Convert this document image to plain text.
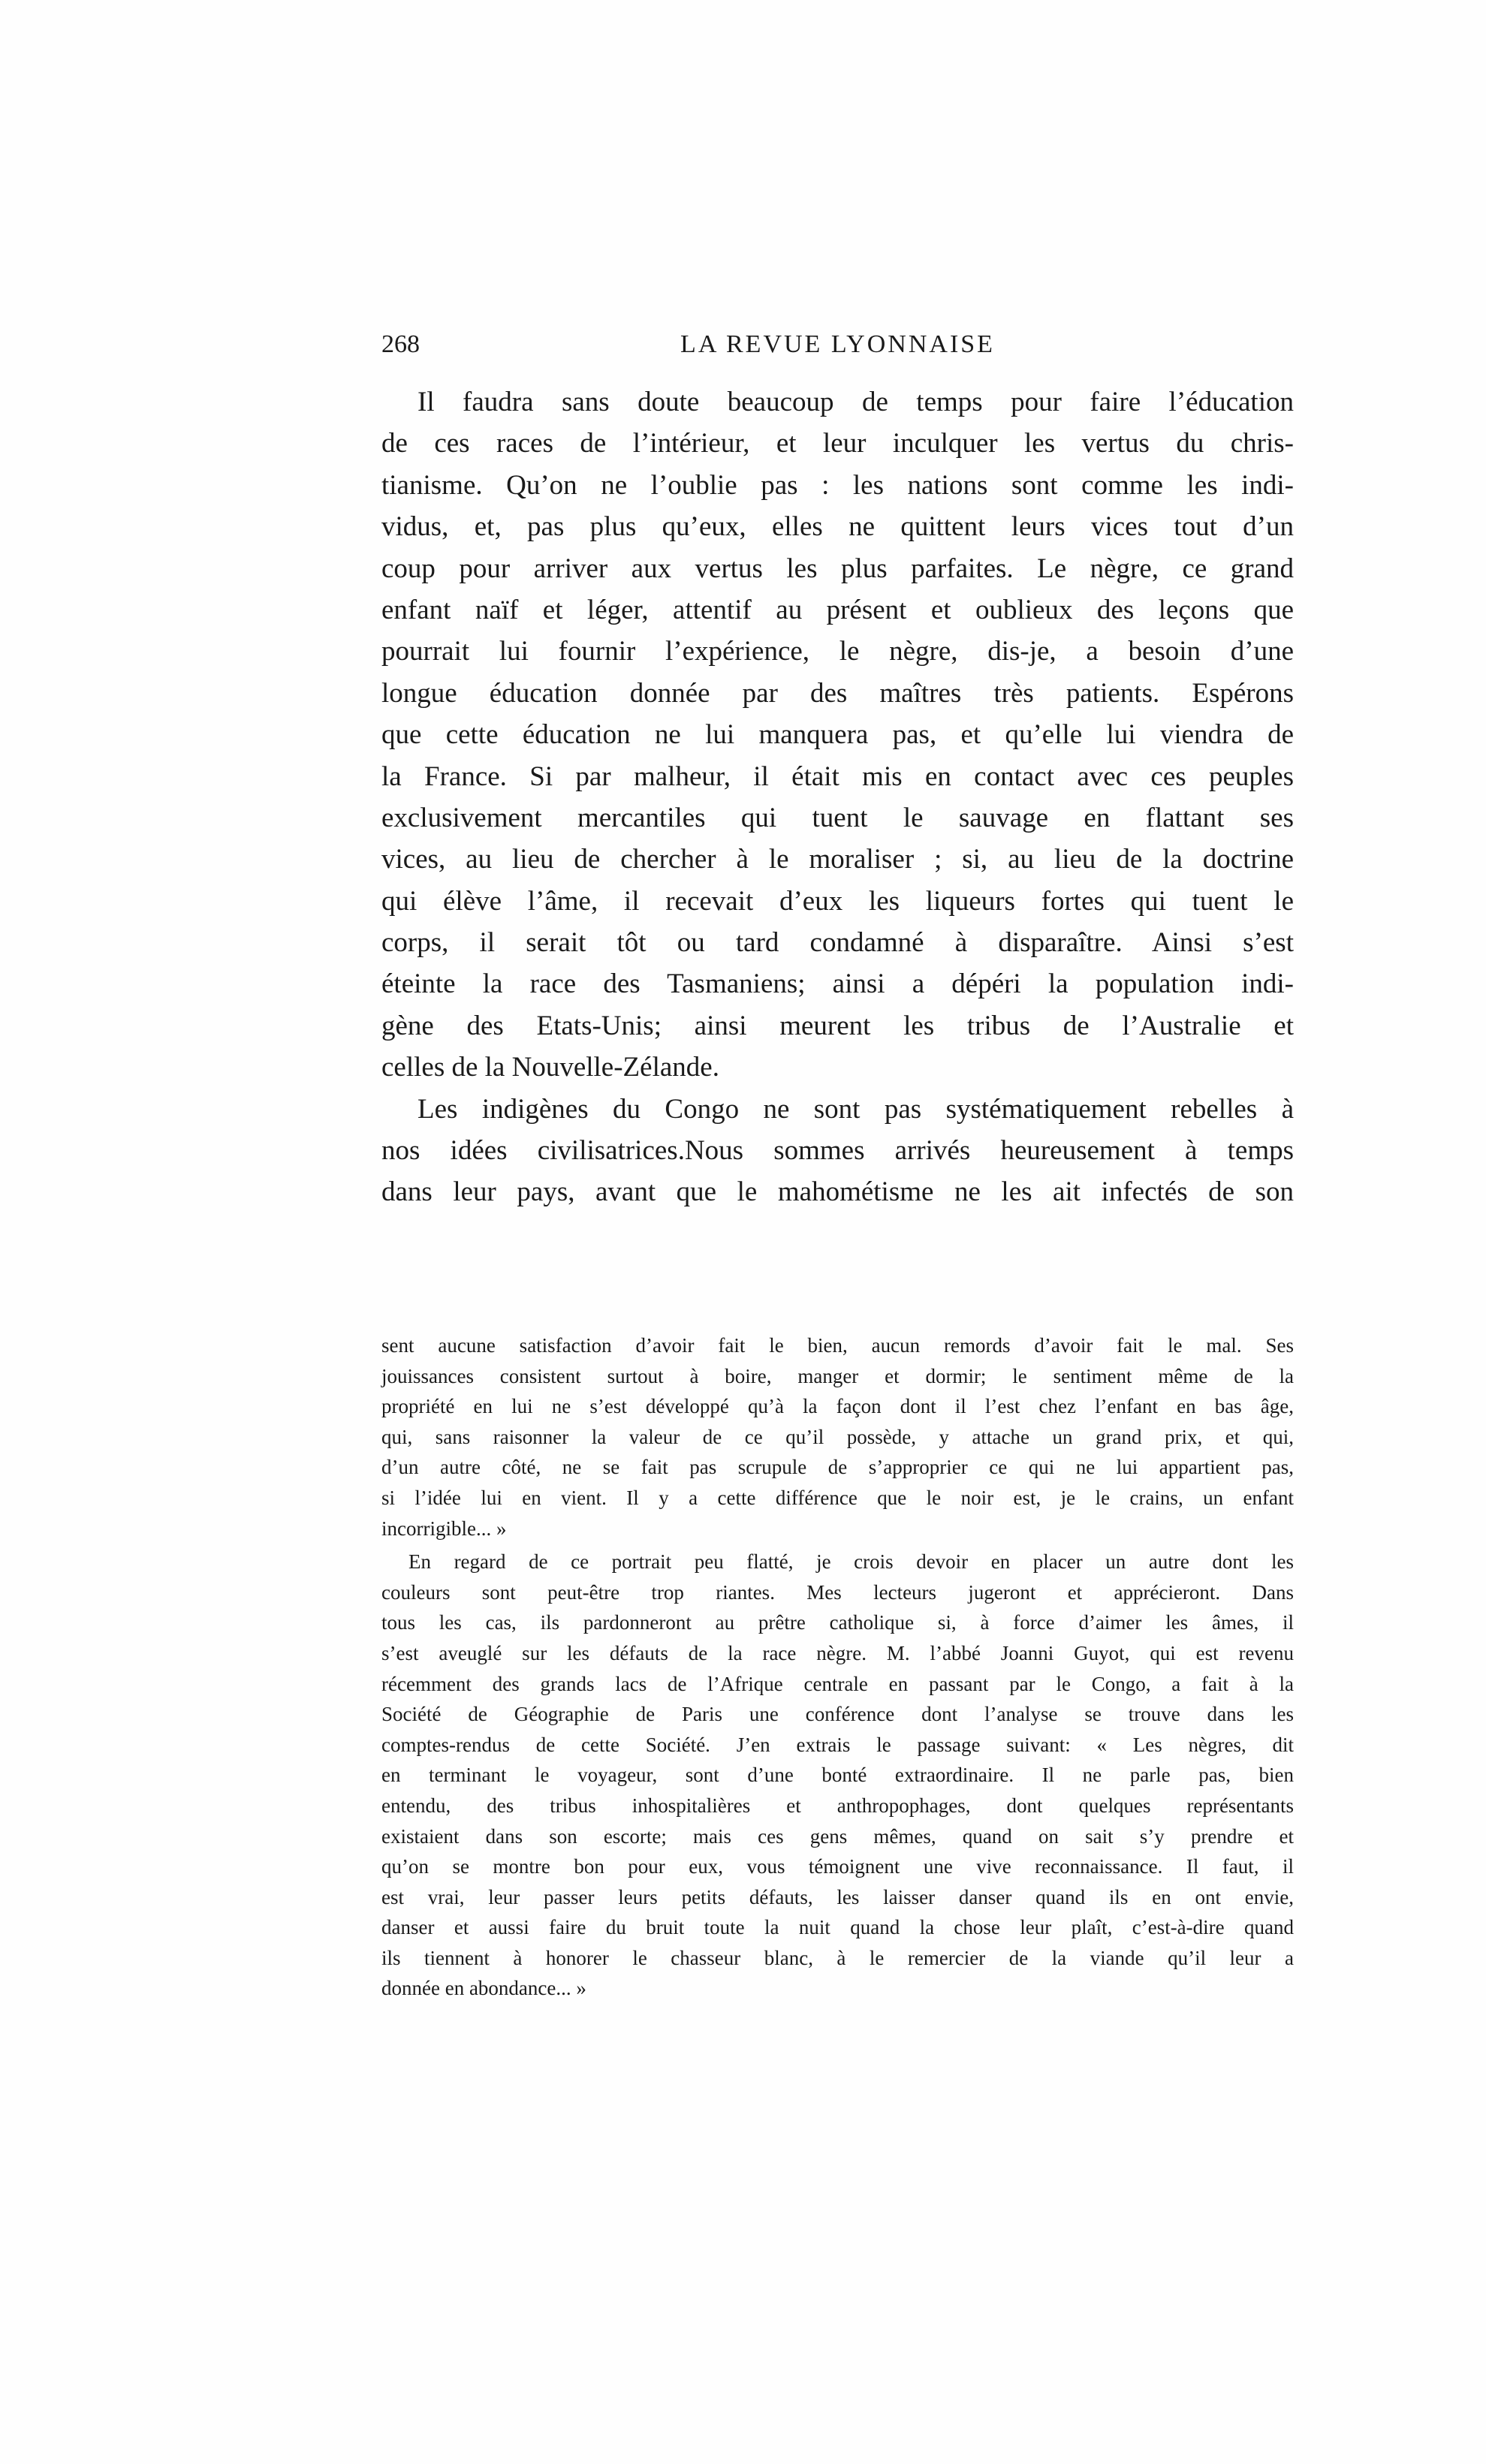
268	LA REVUE LYONNAISE
Il faudra sans doute beaucoup de temps pour faire l’éducation
de ces races de l’intérieur, et leur inculquer les vertus du chris-
tianisme. Qu’on ne l’oublie pas : les nations sont comme les indi-
vidus, et, pas plus qu’eux, elles ne quittent leurs vices tout d’un
coup pour arriver aux vertus les plus parfaites. Le nègre, ce grand
enfant naïf et léger, attentif au présent et oublieux des leçons que
pourrait lui fournir l’expérience, le nègre, dis-je, a besoin d’une
longue éducation donnée par des maîtres très patients. Espérons
que cette éducation ne lui manquera pas, et qu’elle lui viendra de
la France. Si par malheur, il était mis en contact avec ces peuples
exclusivement mercantiles qui tuent le sauvage en flattant ses
vices, au lieu de chercher à le moraliser ; si, au lieu de la doctrine
qui élève l’âme, il recevait d’eux les liqueurs fortes qui tuent le
corps, il serait tôt ou tard condamné à disparaître. Ainsi s’est
éteinte la race des Tasmaniens; ainsi a dépéri la population indi-
gène des Etats-Unis; ainsi meurent les tribus de l’Australie et
celles de la Nouvelle-Zélande.
Les indigènes du Congo ne sont pas systématiquement rebelles à
nos idées civilisatrices.Nous sommes arrivés heureusement à temps
dans leur pays, avant que le mahométisme ne les ait infectés de son
sent aucune satisfaction d’avoir fait le bien, aucun remords d’avoir fait le mal. Ses
jouissances consistent surtout à boire, manger et dormir; le sentiment même de la
propriété en lui ne s’est développé qu’à la façon dont il l’est chez l’enfant en bas âge,
qui, sans raisonner la valeur de ce qu’il possède, y attache un grand prix, et qui,
d’un autre côté, ne se fait pas scrupule de s’approprier ce qui ne lui appartient pas,
si l’idée lui en vient. Il y a cette différence que le noir est, je le crains, un enfant
incorrigible... »
En regard de ce portrait peu flatté, je crois devoir en placer un autre dont les
couleurs sont peut-être trop riantes. Mes lecteurs jugeront et apprécieront. Dans
tous les cas, ils pardonneront au prêtre catholique si, à force d’aimer les âmes, il
s’est aveuglé sur les défauts de la race nègre. M. l’abbé Joanni Guyot, qui est revenu
récemment des grands lacs de l’Afrique centrale en passant par le Congo, a fait à la
Société de Géographie de Paris une conférence dont l’analyse se trouve dans les
comptes-rendus de cette Société. J’en extrais le passage suivant: « Les nègres, dit
en terminant le voyageur, sont d’une bonté extraordinaire. Il ne parle pas, bien
entendu, des tribus inhospitalières et anthropophages, dont quelques représentants
existaient dans son escorte; mais ces gens mêmes, quand on sait s’y prendre et
qu’on se montre bon pour eux, vous témoignent une vive reconnaissance. Il faut, il
est vrai, leur passer leurs petits défauts, les laisser danser quand ils en ont envie,
danser et aussi faire du bruit toute la nuit quand la chose leur plaît, c’est-à-dire quand
ils tiennent à honorer le chasseur blanc, à le remercier de la viande qu’il leur a
donnée en abondance... »
